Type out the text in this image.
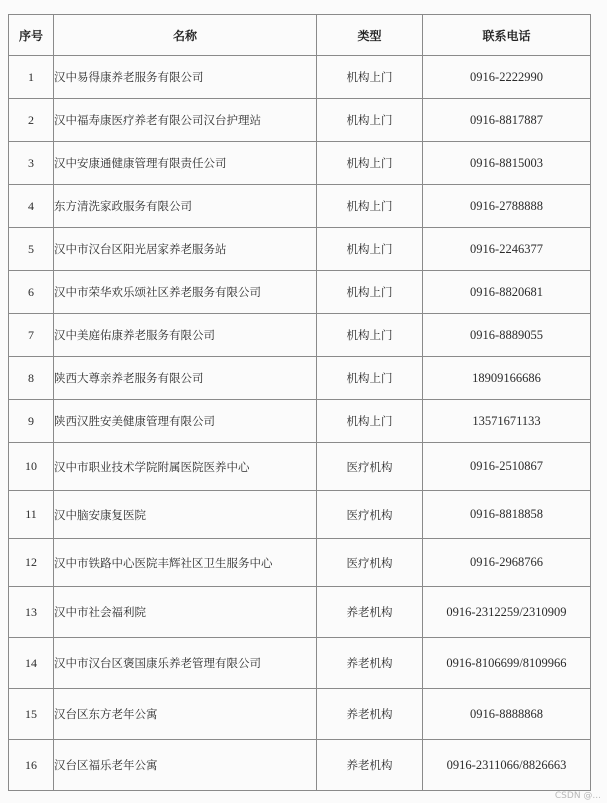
序号	名称	类型	联系电话
1	汉中易得康养老服务有限公司	机构上门	0916-2222990
2	汉中福寿康医疗养老有限公司汉台护理站	机构上门	0916-8817887
3	汉中安康通健康管理有限责任公司	机构上门	0916-8815003
4	东方清洗家政服务有限公司	机构上门	0916-2788888
5	汉中市汉台区阳光居家养老服务站	机构上门	0916-2246377
6	汉中市荣华欢乐颂社区养老服务有限公司	机构上门	0916-8820681
7	汉中美庭佑康养老服务有限公司	机构上门	0916-8889055
8	陕西大尊亲养老服务有限公司	机构上门	18909166686
9	陕西汉胜安美健康管理有限公司	机构上门	13571671133
10	汉中市职业技术学院附属医院医养中心	医疗机构	0916-2510867
11	汉中脑安康复医院	医疗机构	0916-8818858
12	汉中市铁路中心医院丰辉社区卫生服务中心	医疗机构	0916-2968766
13	汉中市社会福利院	养老机构	0916-2312259/2310909
14	汉中市汉台区褒国康乐养老管理有限公司	养老机构	0916-8106699/8109966
15	汉台区东方老年公寓	养老机构	0916-8888868
16	汉台区福乐老年公寓	养老机构	0916-2311066/8826663
CSDN @...
